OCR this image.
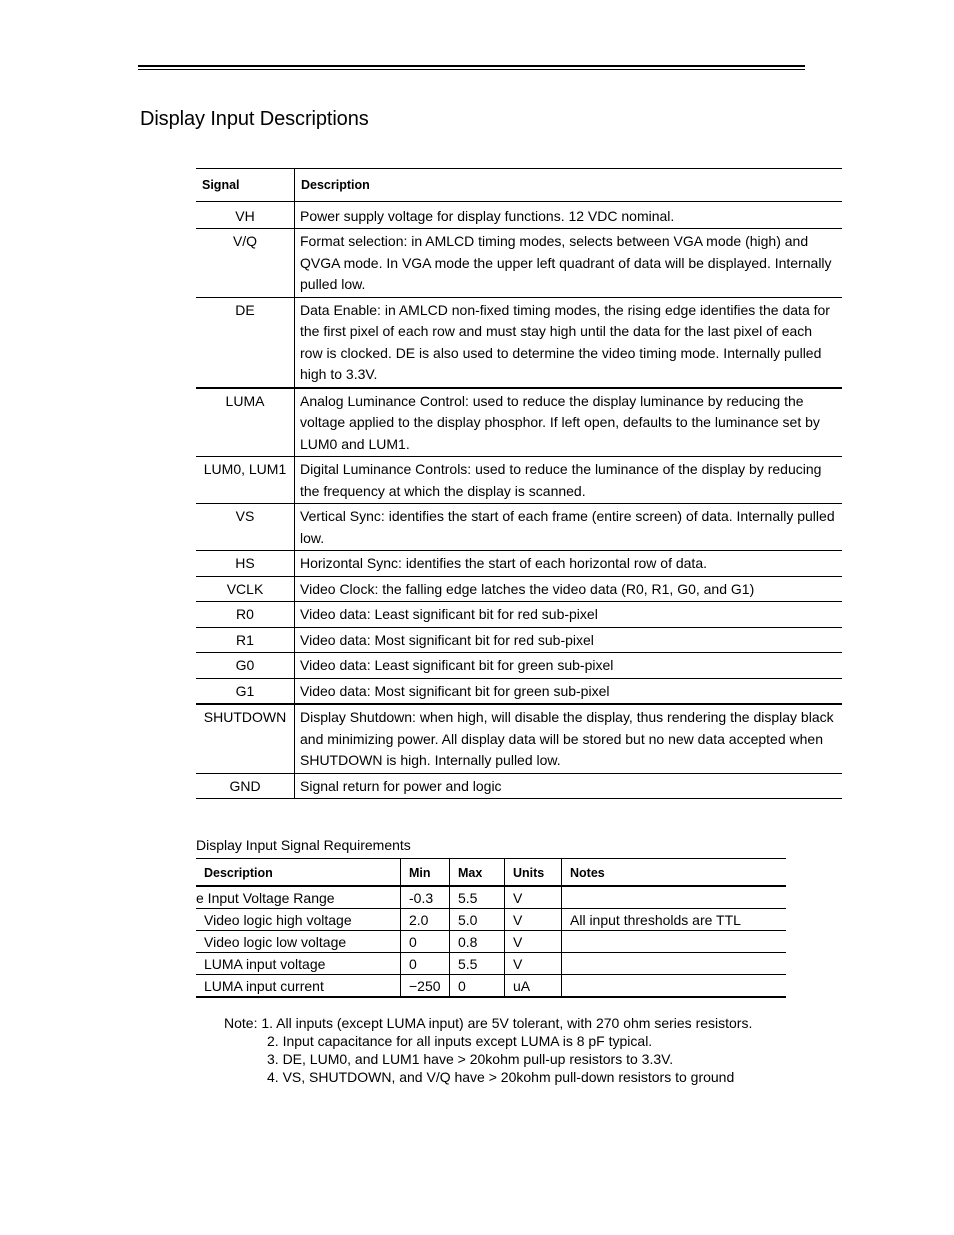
Display Input Descriptions
Signal	Description

VH	Power supply voltage for display functions. 12 VDC nominal.
V/Q	Format selection: in AMLCD timing modes, selects between VGA mode (high) and QVGA mode. In VGA mode the upper left quadrant of data will be displayed. Internally pulled low.
DE	Data Enable: in AMLCD non-fixed timing modes, the rising edge identifies the data for the first pixel of each row and must stay high until the data for the last pixel of each row is clocked. DE is also used to determine the video timing mode. Internally pulled high to 3.3V.
LUMA	Analog Luminance Control: used to reduce the display luminance by reducing the voltage applied to the display phosphor. If left open, defaults to the luminance set by LUM0 and LUM1.
LUM0, LUM1	Digital Luminance Controls: used to reduce the luminance of the display by reducing the frequency at which the display is scanned.
VS	Vertical Sync: identifies the start of each frame (entire screen) of data. Internally pulled low.
HS	Horizontal Sync: identifies the start of each horizontal row of data.
VCLK	Video Clock: the falling edge latches the video data (R0, R1, G0, and G1)
R0	Video data: Least significant bit for red sub-pixel
R1	Video data: Most significant bit for red sub-pixel
G0	Video data: Least significant bit for green sub-pixel
G1	Video data: Most significant bit for green sub-pixel
SHUTDOWN	Display Shutdown: when high, will disable the display, thus rendering the display black and minimizing power. All display data will be stored but no new data accepted when SHUTDOWN is high. Internally pulled low.
GND	Signal return for power and logic
Display Input Signal Requirements
Description	Min	Max	Units	Notes
e Input Voltage Range	-0.3	5.5	V	
Video logic high voltage	2.0	5.0	V	All input thresholds are TTL
Video logic low voltage	0	0.8	V	
LUMA input voltage	0	5.5	V	
LUMA input current	−250	0	uA	
Note: 1. All inputs (except LUMA input) are 5V tolerant, with 270 ohm series resistors.
2. Input capacitance for all inputs except LUMA is 8 pF typical.
3. DE, LUM0, and LUM1 have > 20kohm pull-up resistors to 3.3V.
4. VS, SHUTDOWN, and V/Q have > 20kohm pull-down resistors to ground
